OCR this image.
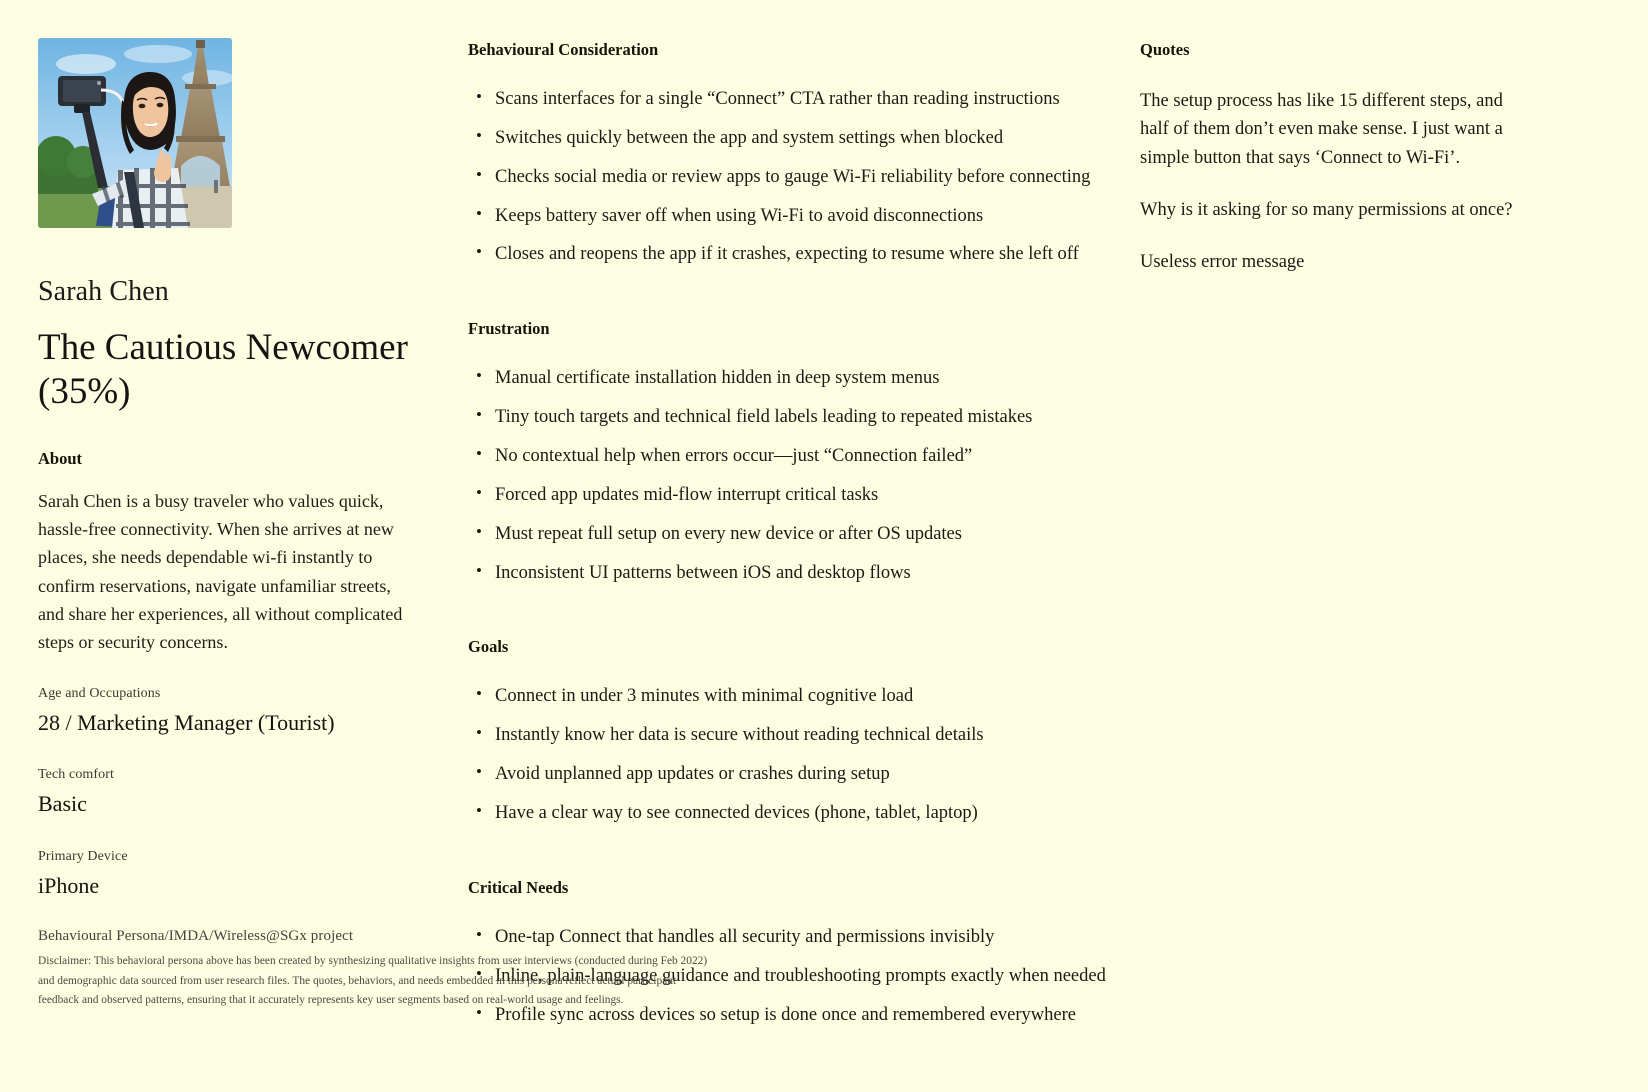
Sarah Chen
The Cautious Newcomer (35%)
About
Sarah Chen is a busy traveler who values quick, hassle-free connectivity. When she arrives at new places, she needs dependable wi-fi instantly to confirm reservations, navigate unfamiliar streets, and share her experiences, all without complicated steps or security concerns.
Age and Occupations
28 / Marketing Manager (Tourist)
Tech comfort
Basic
Primary Device
iPhone
Behavioural Consideration
• Scans interfaces for a single “Connect” CTA rather than reading instructions
• Switches quickly between the app and system settings when blocked
• Checks social media or review apps to gauge Wi-Fi reliability before connecting
• Keeps battery saver off when using Wi-Fi to avoid disconnections
• Closes and reopens the app if it crashes, expecting to resume where she left off
Frustration
• Manual certificate installation hidden in deep system menus
• Tiny touch targets and technical field labels leading to repeated mistakes
• No contextual help when errors occur—just “Connection failed”
• Forced app updates mid-flow interrupt critical tasks
• Must repeat full setup on every new device or after OS updates
• Inconsistent UI patterns between iOS and desktop flows
Goals
• Connect in under 3 minutes with minimal cognitive load
• Instantly know her data is secure without reading technical details
• Avoid unplanned app updates or crashes during setup
• Have a clear way to see connected devices (phone, tablet, laptop)
Critical Needs
• One-tap Connect that handles all security and permissions invisibly
• Inline, plain-language guidance and troubleshooting prompts exactly when needed
• Profile sync across devices so setup is done once and remembered everywhere
Quotes
The setup process has like 15 different steps, and half of them don’t even make sense. I just want a simple button that says ‘Connect to Wi-Fi’.
Why is it asking for so many permissions at once?
Useless error message
Behavioural Persona/IMDA/Wireless@SGx project
Disclaimer: This behavioral persona above has been created by synthesizing qualitative insights from user interviews (conducted during Feb 2022) and demographic data sourced from user research files. The quotes, behaviors, and needs embedded in this persona reflect actual participant feedback and observed patterns, ensuring that it accurately represents key user segments based on real-world usage and feelings.
